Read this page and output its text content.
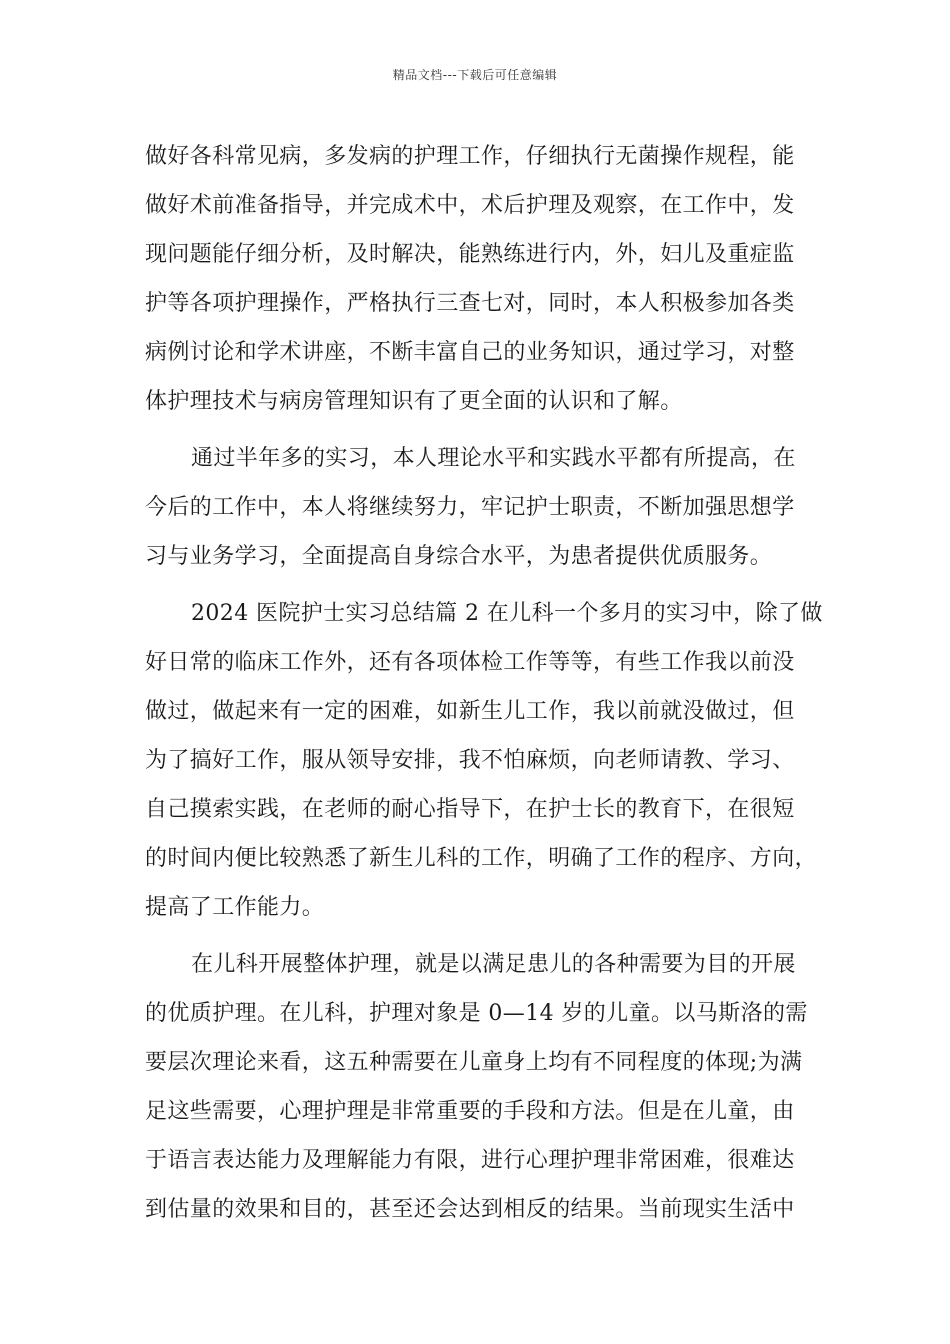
精品文档---下载后可任意编辑
做好各科常见病，多发病的护理工作，仔细执行无菌操作规程，能
做好术前准备指导，并完成术中，术后护理及观察，在工作中，发
现问题能仔细分析，及时解决，能熟练进行内，外，妇儿及重症监
护等各项护理操作，严格执行三查七对，同时，本人积极参加各类
病例讨论和学术讲座，不断丰富自己的业务知识，通过学习，对整
体护理技术与病房管理知识有了更全面的认识和了解。
通过半年多的实习，本人理论水平和实践水平都有所提高，在
今后的工作中，本人将继续努力，牢记护士职责，不断加强思想学
习与业务学习，全面提高自身综合水平，为患者提供优质服务。
2024 医院护士实习总结篇 2 在儿科一个多月的实习中，除了做
好日常的临床工作外，还有各项体检工作等等，有些工作我以前没
做过，做起来有一定的困难，如新生儿工作，我以前就没做过，但
为了搞好工作，服从领导安排，我不怕麻烦，向老师请教、学习、
自己摸索实践，在老师的耐心指导下，在护士长的教育下，在很短
的时间内便比较熟悉了新生儿科的工作，明确了工作的程序、方向，
提高了工作能力。
在儿科开展整体护理，就是以满足患儿的各种需要为目的开展
的优质护理。在儿科，护理对象是 0—14 岁的儿童。以马斯洛的需
要层次理论来看，这五种需要在儿童身上均有不同程度的体现;为满
足这些需要，心理护理是非常重要的手段和方法。但是在儿童，由
于语言表达能力及理解能力有限，进行心理护理非常困难，很难达
到估量的效果和目的，甚至还会达到相反的结果。当前现实生活中
